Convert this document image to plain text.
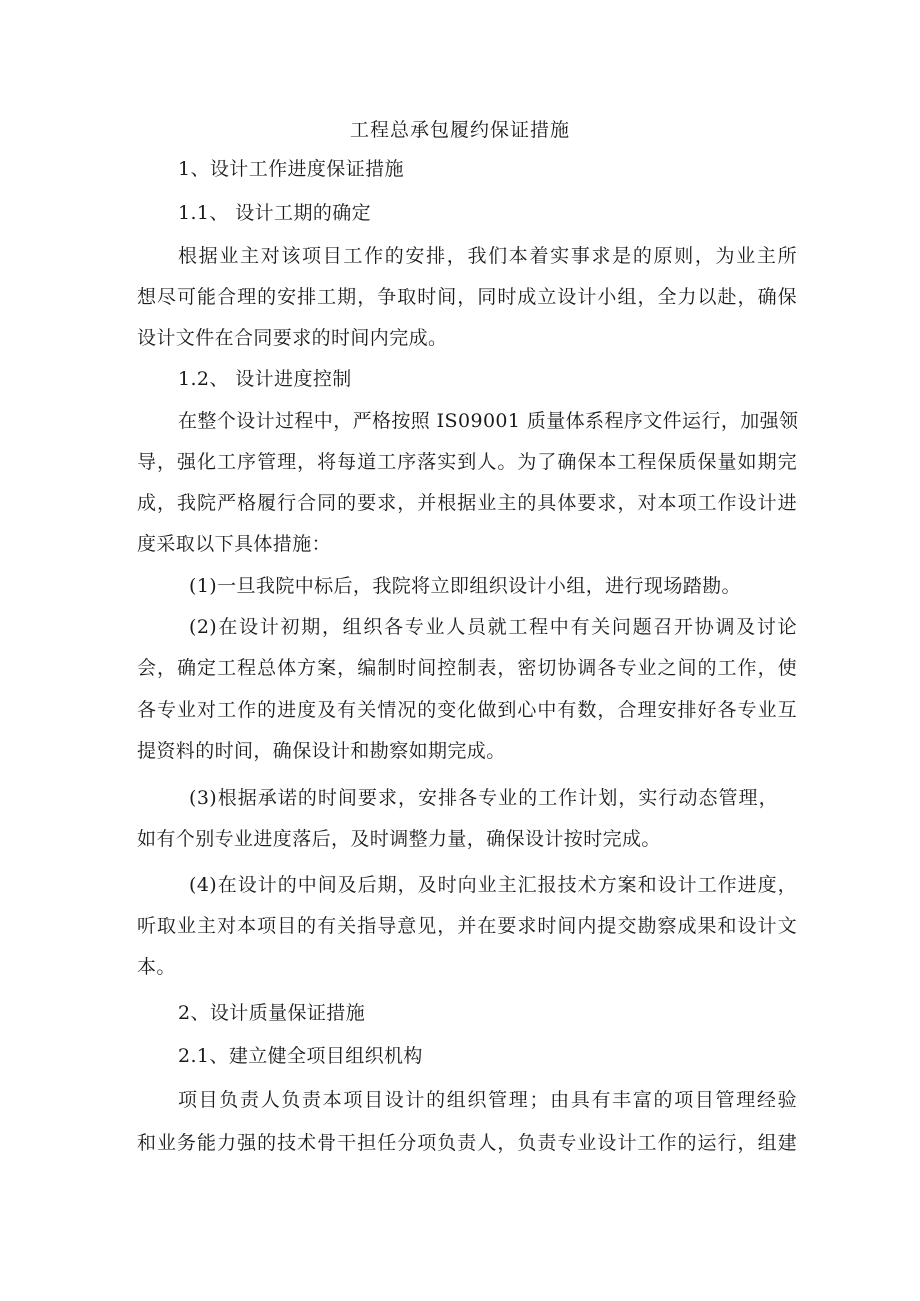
工程总承包履约保证措施
1、设计工作进度保证措施
1.1、 设计工期的确定
根据业主对该项目工作的安排，我们本着实事求是的原则，为业主所
想尽可能合理的安排工期，争取时间，同时成立设计小组，全力以赴，确保
设计文件在合同要求的时间内完成。
1.2、 设计进度控制
在整个设计过程中，严格按照 IS09001 质量体系程序文件运行，加强领
导，强化工序管理，将每道工序落实到人。为了确保本工程保质保量如期完
成，我院严格履行合同的要求，并根据业主的具体要求，对本项工作设计进
度采取以下具体措施：
(1)一旦我院中标后，我院将立即组织设计小组，进行现场踏勘。
(2)在设计初期，组织各专业人员就工程中有关问题召开协调及讨论
会，确定工程总体方案，编制时间控制表，密切协调各专业之间的工作，使
各专业对工作的进度及有关情况的变化做到心中有数，合理安排好各专业互
提资料的时间，确保设计和勘察如期完成。
(3)根据承诺的时间要求，安排各专业的工作计划，实行动态管理，
如有个别专业进度落后，及时调整力量，确保设计按时完成。
(4)在设计的中间及后期，及时向业主汇报技术方案和设计工作进度，
听取业主对本项目的有关指导意见，并在要求时间内提交勘察成果和设计文
本。
2、设计质量保证措施
2.1、建立健全项目组织机构
项目负责人负责本项目设计的组织管理；由具有丰富的项目管理经验
和业务能力强的技术骨干担任分项负责人，负责专业设计工作的运行，组建
